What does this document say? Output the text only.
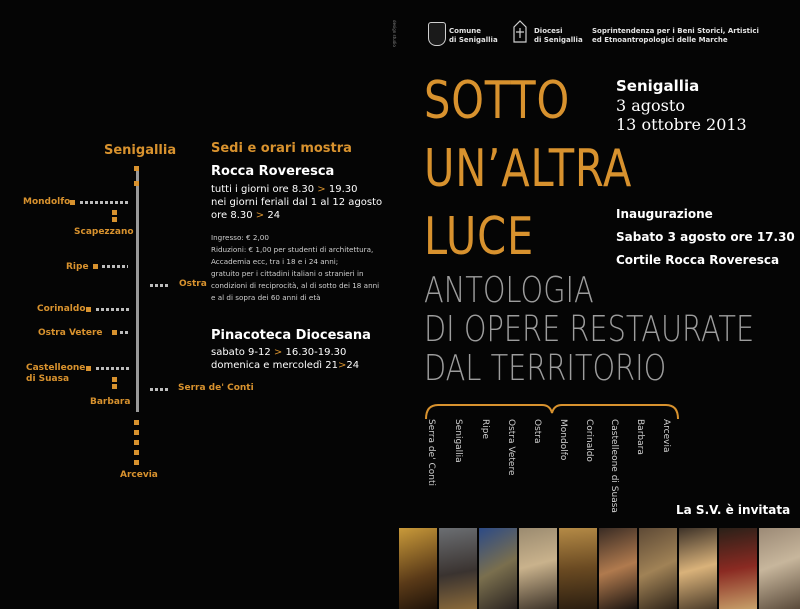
Senigallia
Mondolfo
Scapezzano
Ripe
Ostra
Corinaldo
Ostra Vetere
Castelleone di Suasa
Barbara
Serra de' Conti
Arcevia
Sedi e orari mostra
Rocca Roveresca
tutti i giorni ore 8.30 > 19.30
nei giorni feriali dal 1 al 12 agosto
ore 8.30 > 24
Ingresso: € 2,00
Riduzioni: € 1,00 per studenti di architettura, Accademia ecc, tra i 18 e i 24 anni;
gratuito per i cittadini italiani o stranieri in condizioni di reciprocità, al di sotto dei 18 anni e al di sopra dei 60 anni di età
Pinacoteca Diocesana
sabato 9-12 > 16.30-19.30
domenica e mercoledì 21>24
design studio	Comune
di Senigallia
Diocesi
di Senigallia
Soprintendenza per i Beni Storici, Artistici
ed Etnoantropologici delle Marche
SOTTO
UN’ALTRA
LUCE
ANTOLOGIA
DI OPERE RESTAURATE
DAL TERRITORIO
Senigallia
3 agosto
13 ottobre 2013
Inaugurazione
Sabato 3 agosto ore 17.30
Cortile Rocca Roveresca
Serra de' Conti Senigallia Ripe Ostra Vetere Ostra Mondolfo Corinaldo Castelleone di Suasa Barbara Arcevia
La S.V. è invitata
